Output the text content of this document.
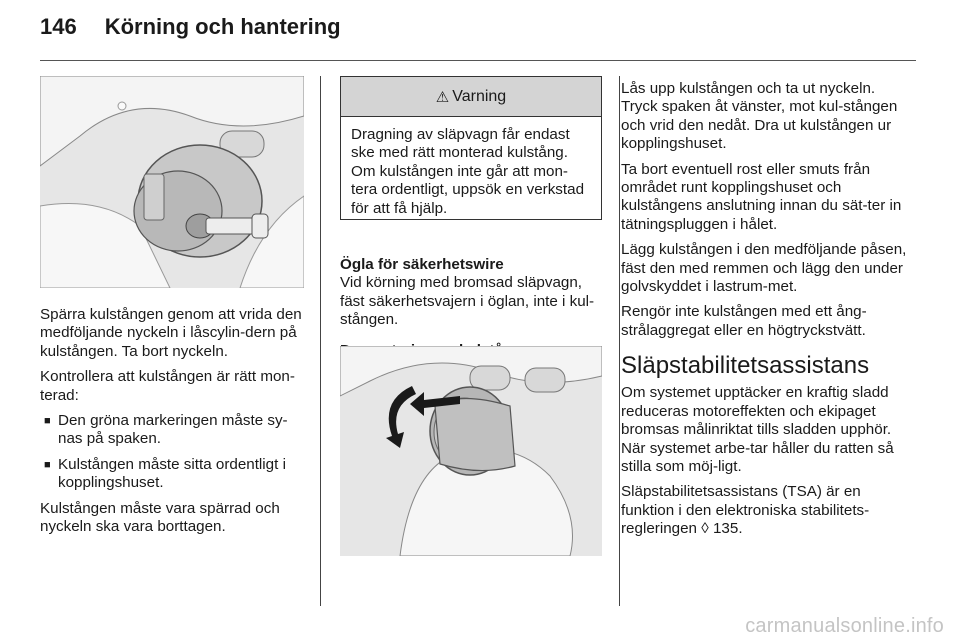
146 Körning och hantering

Spärra kulstången genom att vrida den medföljande nyckeln i låscylin-dern på kulstången. Ta bort nyckeln.

Kontrollera att kulstången är rätt mon-terad:

■ Den gröna markeringen måste sy-nas på spaken.
■ Kulstången måste sitta ordentligt i kopplingshuset.

Kulstången måste vara spärrad och nyckeln ska vara borttagen.

⚠ Varning
Dragning av släpvagn får endast ske med rätt monterad kulstång. Om kulstången inte går att mon-tera ordentligt, uppsök en verkstad för att få hjälp.

Ögla för säkerhetswire

Vid körning med bromsad släpvagn, fäst säkerhetsvajern i öglan, inte i kul-stången.

Lås upp kulstången och ta ut nyckeln. Tryck spaken åt vänster, mot kul-stången och vrid den nedåt. Dra ut kulstången ur kopplingshuset.

Ta bort eventuell rost eller smuts från området runt kopplingshuset och kulstångens anslutning innan du sät-ter in tätningspluggen i hålet.

Lägg kulstången i den medföljande påsen, fäst den med remmen och lägg den under golvskyddet i lastrum-met.

Rengör inte kulstången med ett ång-strålaggregat eller en högtryckstvätt.

Släpstabilitetsassistans

Om systemet upptäcker en kraftig sladd reduceras motoreffekten och ekipaget bromsas målinriktat tills sladden upphör. När systemet arbe-tar håller du ratten så stilla som möj-ligt.

Släpstabilitetsassistans (TSA) är en funktion i den elektroniska stabilitets-regleringen ◊ 135.

carmanualsonline.info
